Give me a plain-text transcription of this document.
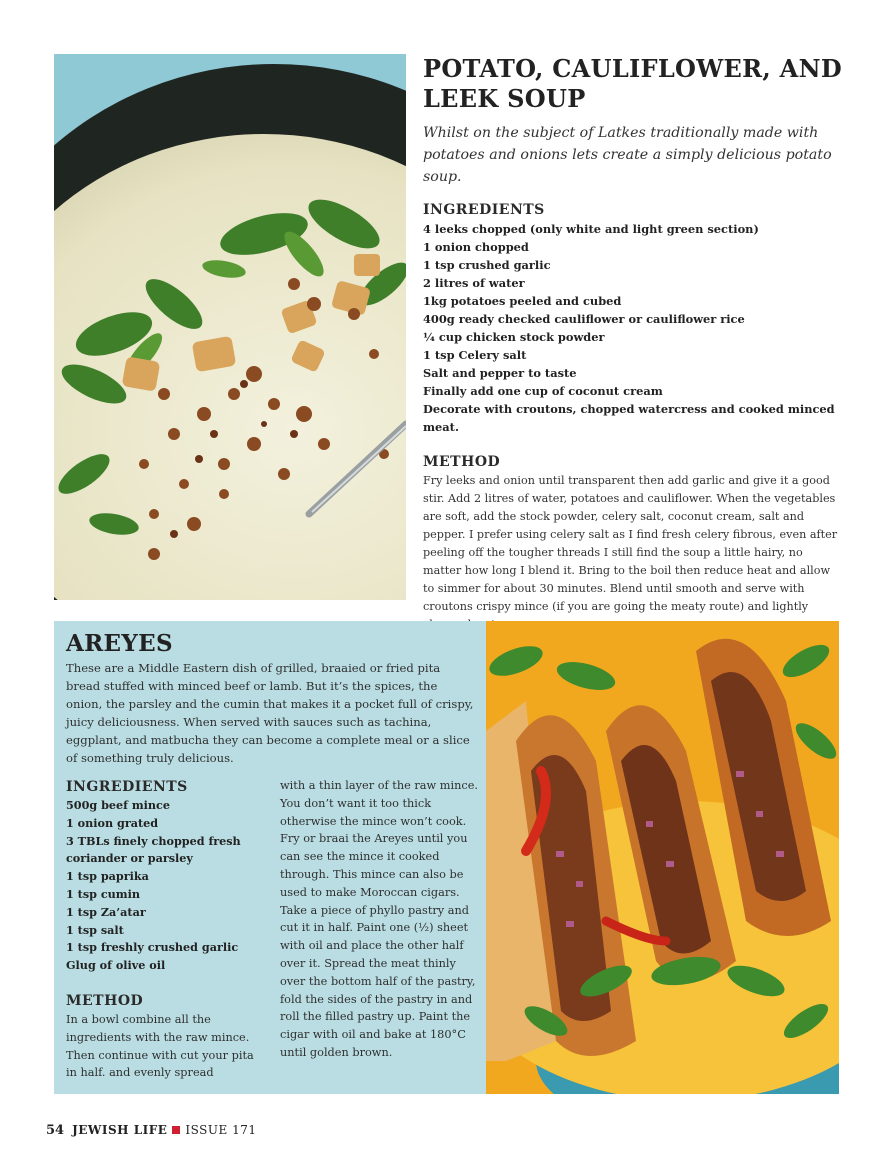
POTATO, CAULIFLOWER, AND LEEK SOUP

Whilst on the subject of Latkes traditionally made with potatoes and onions lets create a simply delicious potato soup.

INGREDIENTS
4 leeks chopped (only white and light green section)
1 onion chopped
1 tsp crushed garlic
2 litres of water
1kg potatoes peeled and cubed
400g ready checked cauliflower or cauliflower rice
¼ cup chicken stock powder
1 tsp Celery salt
Salt and pepper to taste
Finally add one cup of coconut cream
Decorate with croutons, chopped watercress and cooked minced meat.
METHOD

Fry leeks and onion until transparent then add garlic and give it a good stir. Add 2 litres of water, potatoes and cauliflower. When the vegetables are soft, add the stock powder, celery salt, coconut cream, salt and pepper. I prefer using celery salt as I find fresh celery fibrous, even after peeling off the tougher threads I still find the soup a little hairy, no matter how long I blend it. Bring to the boil then reduce heat and allow to simmer for about 30 minutes. Blend until smooth and serve with croutons crispy mince (if you are going the meaty route) and lightly

AREYES

These are a Middle Eastern dish of grilled, braaied or fried pita bread stuffed with minced beef or lamb. But it’s the spices, the onion, the parsley and the cumin that makes it a pocket full of crispy, juicy deliciousness. When served with sauces such as tachina, eggplant, and matbucha they can become a complete meal or a slice of something truly delicious.

INGREDIENTS
500g beef mince
1 onion grated
3 TBLs finely chopped fresh coriander or parsley
1 tsp paprika
1 tsp cumin
1 tsp Za’atar
1 tsp salt
1 tsp freshly crushed garlic
Glug of olive oil
METHOD

In a bowl combine all the ingredients with the raw mince. Then continue with cut your pita in half. and evenly spread

with a thin layer of the raw mince. You don’t want it too thick otherwise the mince won’t cook. Fry or braai the Areyes until you can see the mince it cooked through. This mince can also be used to make Moroccan cigars. Take a piece of phyllo pastry and cut it in half. Paint one (½) sheet with oil and place the other half over it. Spread the meat thinly over the bottom half of the pastry, fold the sides of the pastry in and roll the filled pastry up. Paint the cigar with oil and bake at 180°C until golden brown.

54 JEWISH LIFE ISSUE 171
